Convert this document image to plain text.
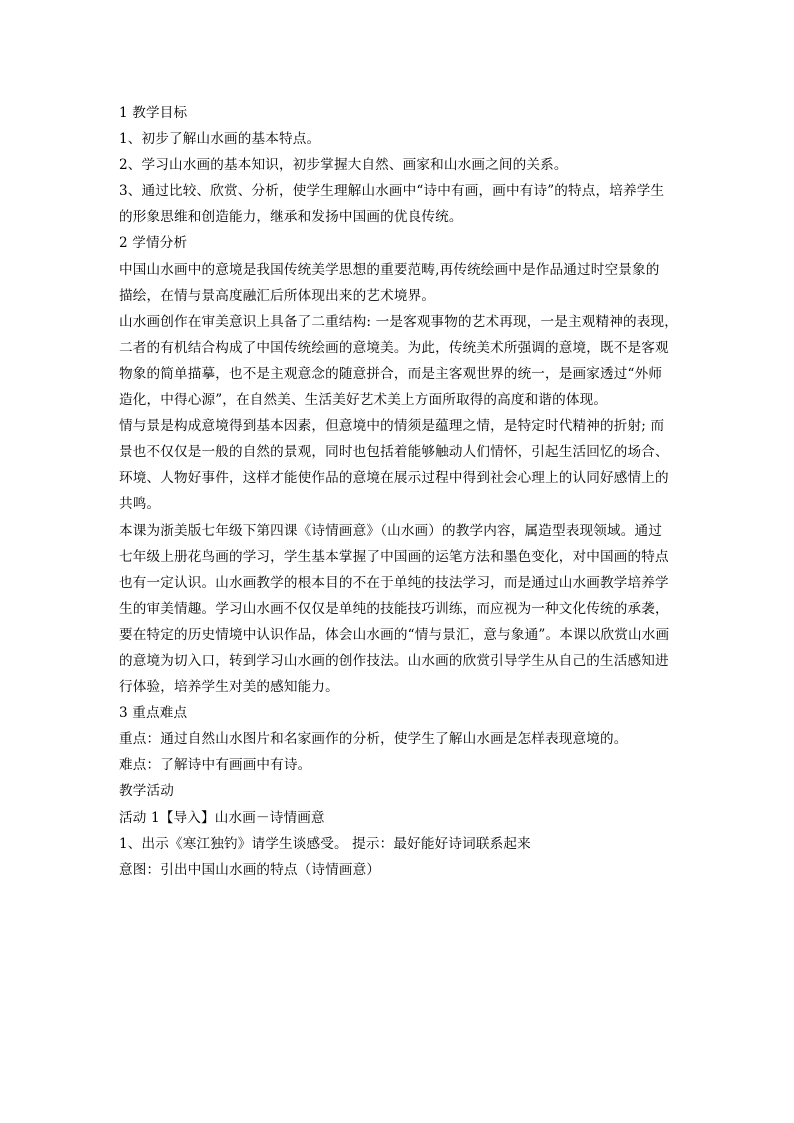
1 教学目标
1、初步了解山水画的基本特点。
2、学习山水画的基本知识，初步掌握大自然、画家和山水画之间的关系。
3、通过比较、欣赏、分析，使学生理解山水画中“诗中有画，画中有诗”的特点，培养学生
的形象思维和创造能力，继承和发扬中国画的优良传统。
2 学情分析
中国山水画中的意境是我国传统美学思想的重要范畴,再传统绘画中是作品通过时空景象的
描绘，在情与景高度融汇后所体现出来的艺术境界。
山水画创作在审美意识上具备了二重结构: 一是客观事物的艺术再现，一是主观精神的表现，
二者的有机结合构成了中国传统绘画的意境美。为此，传统美术所强调的意境，既不是客观
物象的简单描摹，也不是主观意念的随意拼合，而是主客观世界的统一，是画家透过“外师
造化，中得心源”，在自然美、生活美好艺术美上方面所取得的高度和谐的体现。
情与景是构成意境得到基本因素，但意境中的情须是蕴理之情，是特定时代精神的折射; 而
景也不仅仅是一般的自然的景观，同时也包括着能够触动人们情怀，引起生活回忆的场合、
环境、人物好事件，这样才能使作品的意境在展示过程中得到社会心理上的认同好感情上的
共鸣。
本课为浙美版七年级下第四课《诗情画意》（山水画）的教学内容，属造型表现领域。通过
七年级上册花鸟画的学习，学生基本掌握了中国画的运笔方法和墨色变化，对中国画的特点
也有一定认识。山水画教学的根本目的不在于单纯的技法学习，而是通过山水画教学培养学
生的审美情趣。学习山水画不仅仅是单纯的技能技巧训练，而应视为一种文化传统的承袭，
要在特定的历史情境中认识作品，体会山水画的“情与景汇，意与象通”。本课以欣赏山水画
的意境为切入口，转到学习山水画的创作技法。山水画的欣赏引导学生从自己的生活感知进
行体验，培养学生对美的感知能力。
3 重点难点
重点：通过自然山水图片和名家画作的分析，使学生了解山水画是怎样表现意境的。
难点：了解诗中有画画中有诗。
教学活动
活动 1【导入】山水画－诗情画意
1、出示《寒江独钓》请学生谈感受。 提示：最好能好诗词联系起来
意图：引出中国山水画的特点（诗情画意）
